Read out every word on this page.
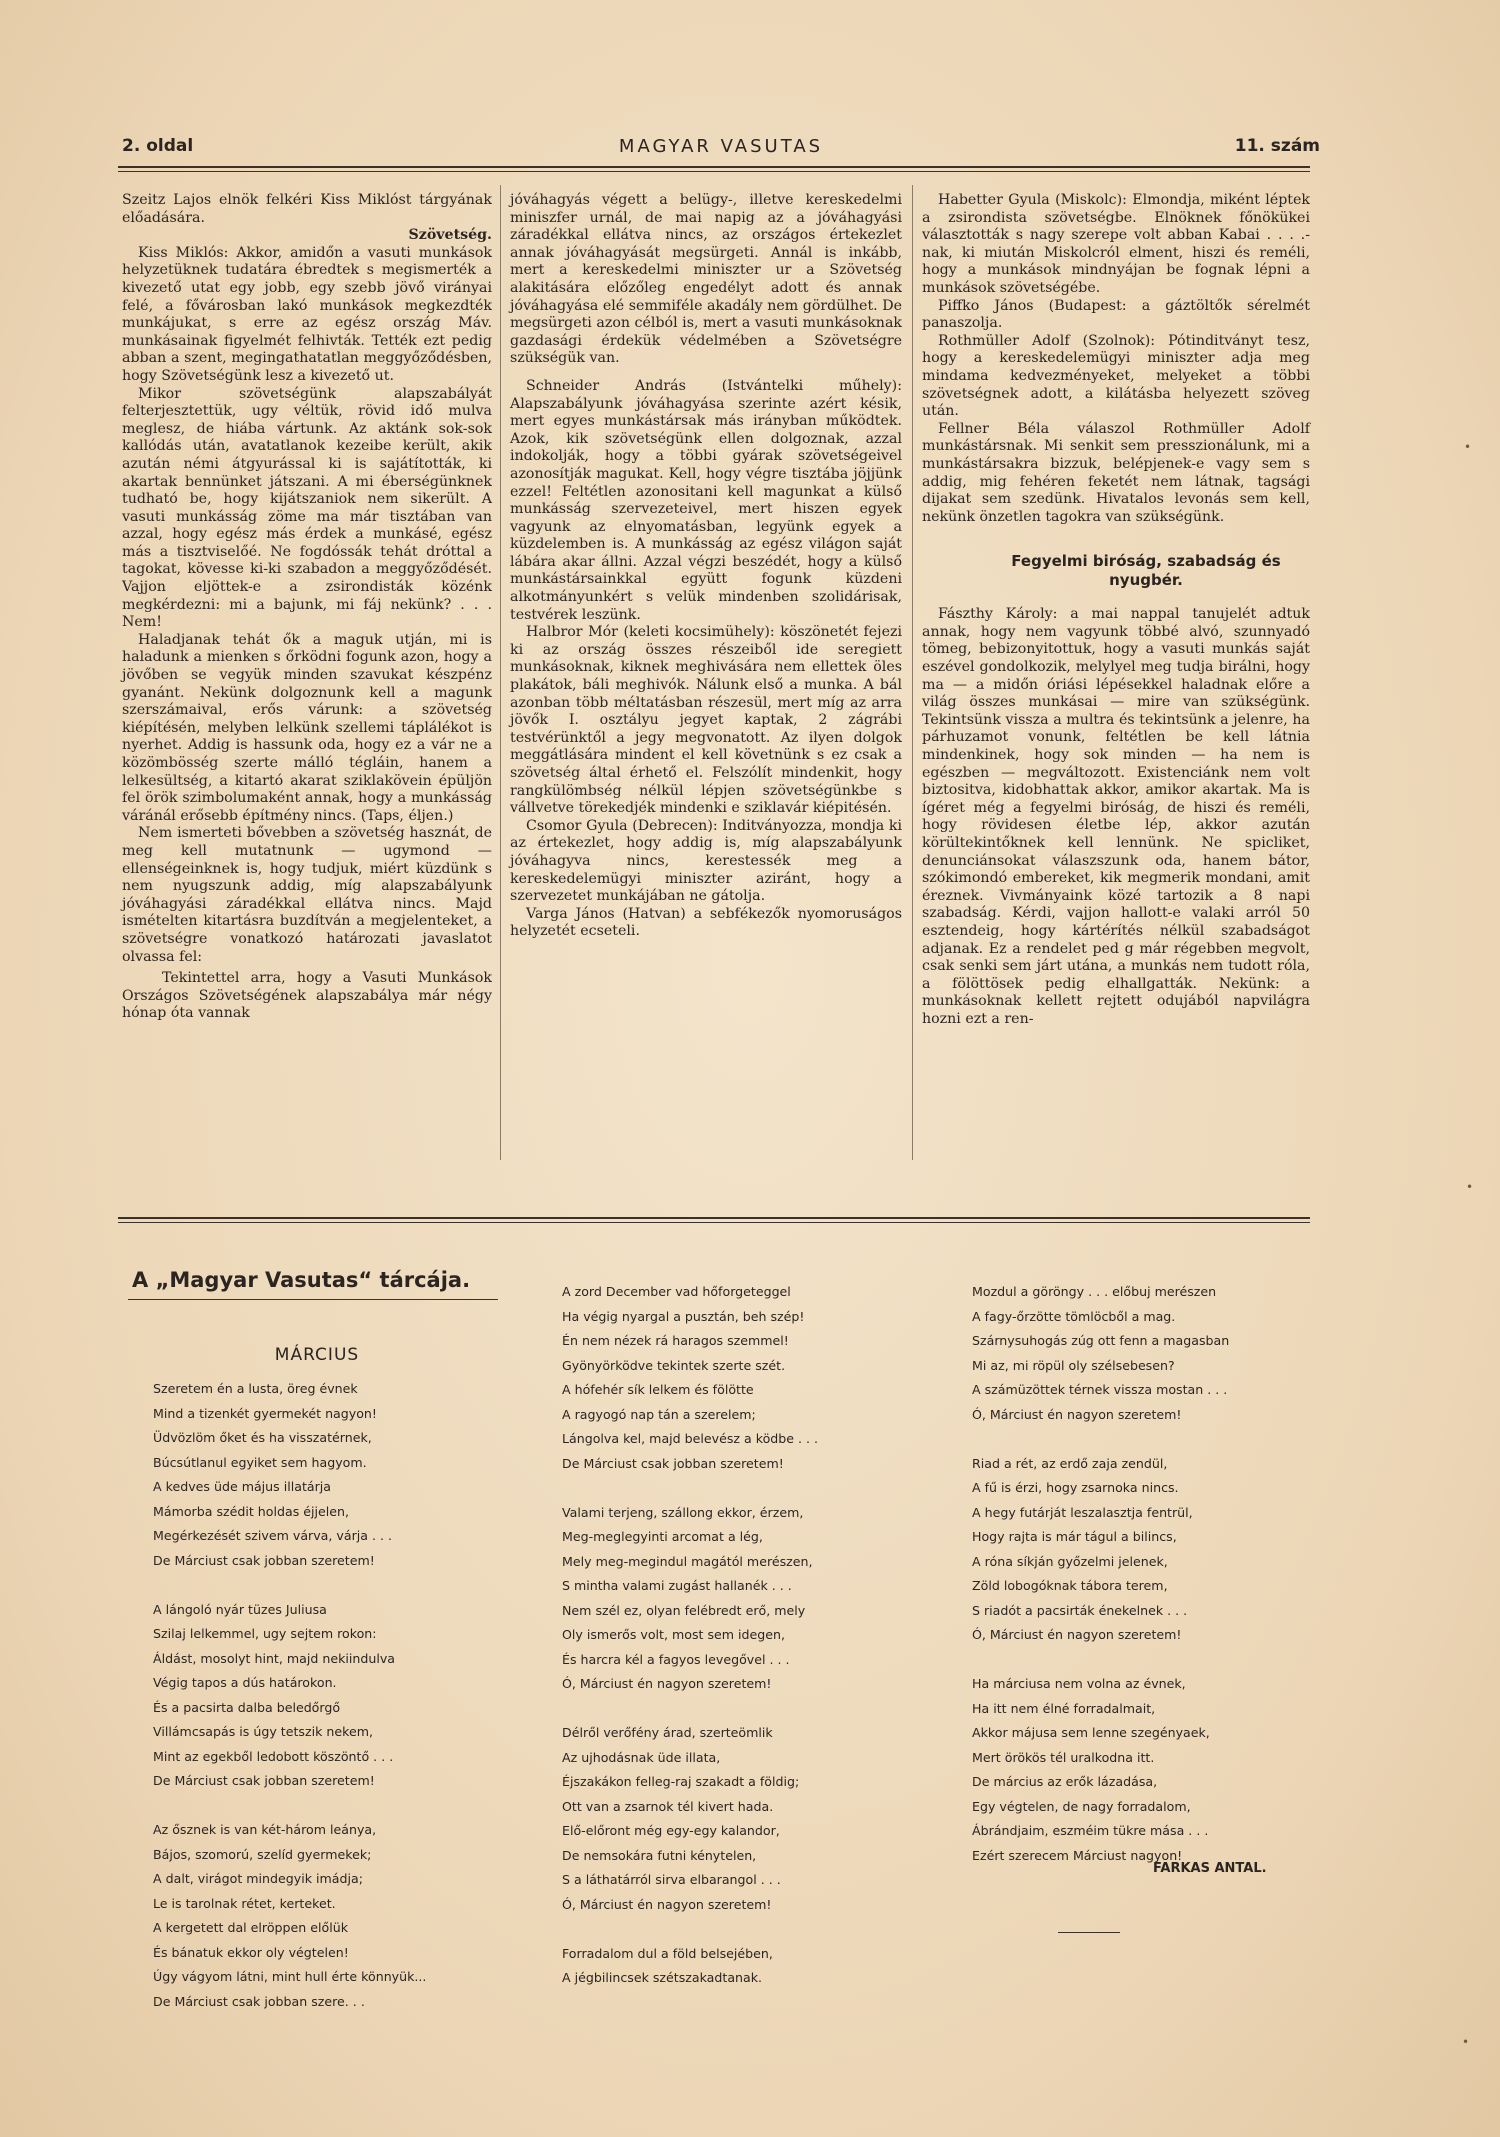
2. oldal	MAGYAR VASUTAS	11. szám

Szeitz Lajos elnök felkéri Kiss Miklóst tárgyának előadására.

Szövetség.

Kiss Miklós: Akkor, amidőn a vasuti munkások helyzetüknek tudatára ébredtek s megismerték a kivezető utat egy jobb, egy szebb jövő virányai felé, a fővárosban lakó munkások megkezdték munkájukat, s erre az egész ország Máv. munkásainak figyelmét felhivták. Tették ezt pedig abban a szent, megingathatatlan meggyőződésben, hogy Szövetségünk lesz a kivezető ut.

Mikor szövetségünk alapszabályát felterjesztettük, ugy véltük, rövid idő mulva meglesz, de hiába vártunk. Az aktánk sok-sok kallódás után, avatatlanok kezeibe került, akik azután némi átgyurással ki is sajátították, ki akartak bennünket játszani. A mi éberségünknek tudható be, hogy kijátszaniok nem sikerült. A vasuti munkásság zöme ma már tisztában van azzal, hogy egész más érdek a munkásé, egész más a tisztviselőé. Ne fogdóssák tehát dróttal a tagokat, kövesse ki-ki szabadon a meggyőződését. Vajjon eljöttek-e a zsirondisták közénk megkérdezni: mi a bajunk, mi fáj nekünk? . . . Nem!

Haladjanak tehát ők a maguk utján, mi is haladunk a mienken s őrködni fogunk azon, hogy a jövőben se vegyük minden szavukat készpénz gyanánt. Nekünk dolgoznunk kell a magunk szerszámaival, erős várunk: a szövetség kiépítésén, melyben lelkünk szellemi táplálékot is nyerhet. Addig is hassunk oda, hogy ez a vár ne a közömbösség szerte málló tégláin, hanem a lelkesültség, a kitartó akarat sziklakövein épüljön fel örök szimbolumaként annak, hogy a munkásság váránál erősebb építmény nincs. (Taps, éljen.)

Nem ismerteti bővebben a szövetség hasznát, de meg kell mutatnunk — ugymond — ellenségeinknek is, hogy tudjuk, miért küzdünk s nem nyugszunk addig, míg alapszabályunk jóváhagyási záradékkal ellátva nincs. Majd ismételten kitartásra buzdítván a megjelenteket, a szövetségre vonatkozó határozati javaslatot olvassa fel:

Tekintettel arra, hogy a Vasuti Munkások Országos Szövetségének alapszabálya már négy hónap óta vannak

jóváhagyás végett a belügy-, illetve kereskedelmi miniszfer urnál, de mai napig az a jóváhagyási záradékkal ellátva nincs, az országos értekezlet annak jóváhagyását megsürgeti. Annál is inkább, mert a kereskedelmi miniszter ur a Szövetség alakitására előzőleg engedélyt adott és annak jóváhagyása elé semmiféle akadály nem gördülhet. De megsürgeti azon célból is, mert a vasuti munkásoknak gazdasági érdekük védelmében a Szövetségre szükségük van.

Schneider András (Istvántelki műhely): Alapszabályunk jóváhagyása szerinte azért késik, mert egyes munkástársak más irányban működtek. Azok, kik szövetségünk ellen dolgoznak, azzal indokolják, hogy a többi gyárak szövetségeivel azonosítják magukat. Kell, hogy végre tisztába jöjjünk ezzel! Feltétlen azonositani kell magunkat a külső munkásság szervezeteivel, mert hiszen egyek vagyunk az elnyomatásban, legyünk egyek a küzdelemben is. A munkásság az egész világon saját lábára akar állni. Azzal végzi beszédét, hogy a külső munkástársainkkal együtt fogunk küzdeni alkotmányunkért s velük mindenben szolidárisak, testvérek leszünk.

Halbror Mór (keleti kocsimühely): köszönetét fejezi ki az ország összes részeiből ide seregiett munkásoknak, kiknek meghivására nem ellettek öles plakátok, báli meghivók. Nálunk első a munka. A bál azonban több méltatásban részesül, mert míg az arra jövők I. osztályu jegyet kaptak, 2 zágrábi testvérünktől a jegy megvonatott. Az ilyen dolgok meggátlására mindent el kell követnünk s ez csak a szövetség által érhető el. Felszólít mindenkit, hogy rangkülömbség nélkül lépjen szövetségünkbe s vállvetve törekedjék mindenki e sziklavár kiépitésén.

Csomor Gyula (Debrecen): Inditványozza, mondja ki az értekezlet, hogy addig is, míg alapszabályunk jóváhagyva nincs, kerestessék meg a kereskedelemügyi miniszter aziránt, hogy a szervezetet munkájában ne gátolja.

Varga János (Hatvan) a sebfékezők nyomoruságos helyzetét ecseteli.

Habetter Gyula (Miskolc): Elmondja, miként léptek a zsirondista szövetségbe. Elnöknek főnökükei választották s nagy szerepe volt abban Kabai . . . .-nak, ki miután Miskolcról elment, hiszi és reméli, hogy a munkások mindnyájan be fognak lépni a munkások szövetségébe.

Piffko János (Budapest: a gáztöltők sérelmét panaszolja.

Rothmüller Adolf (Szolnok): Pótinditványt tesz, hogy a kereskedelemügyi miniszter adja meg mindama kedvezményeket, melyeket a többi szövetségnek adott, a kilátásba helyezett szöveg után.

Fellner Béla válaszol Rothmüller Adolf munkástársnak. Mi senkit sem presszionálunk, mi a munkástársakra bizzuk, belépjenek-e vagy sem s addig, mig fehéren feketét nem látnak, tagsági dijakat sem szedünk. Hivatalos levonás sem kell, nekünk önzetlen tagokra van szükségünk.

Fegyelmi biróság, szabadság és nyugbér.

Fászthy Károly: a mai nappal tanujelét adtuk annak, hogy nem vagyunk többé alvó, szunnyadó tömeg, bebizonyitottuk, hogy a vasuti munkás saját eszével gondolkozik, melylyel meg tudja birálni, hogy ma — a midőn óriási lépésekkel haladnak előre a világ összes munkásai — mire van szükségünk. Tekintsünk vissza a multra és tekintsünk a jelenre, ha párhuzamot vonunk, feltétlen be kell látnia mindenkinek, hogy sok minden — ha nem is egészben — megváltozott. Existenciánk nem volt biztositva, kidobhattak akkor, amikor akartak. Ma is ígéret még a fegyelmi biróság, de hiszi és reméli, hogy rövidesen életbe lép, akkor azután körültekintőknek kell lennünk. Ne spicliket, denunciánsokat válaszszunk oda, hanem bátor, szókimondó embereket, kik megmerik mondani, amit éreznek. Vivmányaink közé tartozik a 8 napi szabadság. Kérdi, vajjon hallott-e valaki arról 50 esztendeig, hogy kártérítés nélkül szabadságot adjanak. Ez a rendelet ped g már régebben megvolt, csak senki sem járt utána, a munkás nem tudott róla, a fölöttösek pedig elhallgatták. Nekünk: a munkásoknak kellett rejtett odujából napvilágra hozni ezt a ren-

A „Magyar Vasutas“ tárcája.
MÁRCIUS
Szeretem én a lusta, öreg évnek
Mind a tizenkét gyermekét nagyon!
Üdvözlöm őket és ha visszatérnek,
Búcsútlanul egyiket sem hagyom.
A kedves üde május illatárja
Mámorba szédit holdas éjjelen,
Megérkezését szivem várva, várja . . .
De Márciust csak jobban szeretem!
A lángoló nyár tüzes Juliusa
Szilaj lelkemmel, ugy sejtem rokon:
Áldást, mosolyt hint, majd nekiindulva
Végig tapos a dús határokon.
És a pacsirta dalba beledőrgő
Villámcsapás is úgy tetszik nekem,
Mint az egekből ledobott köszöntő . . .
De Márciust csak jobban szeretem!
Az ősznek is van két-három leánya,
Bájos, szomorú, szelíd gyermekek;
A dalt, virágot mindegyik imádja;
Le is tarolnak rétet, kerteket.
A kergetett dal elröppen előlük
És bánatuk ekkor oly végtelen!
Úgy vágyom látni, mint hull érte könnyük...
De Márciust csak jobban szere. . .
A zord December vad hőforgeteggel
Ha végig nyargal a pusztán, beh szép!
Én nem nézek rá haragos szemmel!
Gyönyörködve tekintek szerte szét.
A hófehér sík lelkem és fölötte
A ragyogó nap tán a szerelem;
Lángolva kel, majd belevész a ködbe . . .
De Márciust csak jobban szeretem!
Valami terjeng, szállong ekkor, érzem,
Meg-meglegyinti arcomat a lég,
Mely meg-megindul magától merészen,
S mintha valami zugást hallanék . . .
Nem szél ez, olyan felébredt erő, mely
Oly ismerős volt, most sem idegen,
És harcra kél a fagyos levegővel . . .
Ó, Márciust én nagyon szeretem!
Délről verőfény árad, szerteömlik
Az ujhodásnak üde illata,
Éjszakákon felleg-raj szakadt a földig;
Ott van a zsarnok tél kivert hada.
Elő-előront még egy-egy kalandor,
De nemsokára futni kénytelen,
S a láthatárról sirva elbarangol . . .
Ó, Márciust én nagyon szeretem!
Forradalom dul a föld belsejében,
A jégbilincsek szétszakadtanak.
Mozdul a göröngy . . . előbuj merészen
A fagy-őrzötte tömlöcből a mag.
Szárnysuhogás zúg ott fenn a magasban
Mi az, mi röpül oly szélsebesen?
A számüzöttek térnek vissza mostan . . .
Ó, Márciust én nagyon szeretem!
Riad a rét, az erdő zaja zendül,
A fű is érzi, hogy zsarnoka nincs.
A hegy futárját leszalasztja fentrül,
Hogy rajta is már tágul a bilincs,
A róna síkján győzelmi jelenek,
Zöld lobogóknak tábora terem,
S riadót a pacsirták énekelnek . . .
Ó, Márciust én nagyon szeretem!
Ha márciusa nem volna az évnek,
Ha itt nem élné forradalmait,
Akkor májusa sem lenne szegényaek,
Mert örökös tél uralkodna itt.
De március az erők lázadása,
Egy végtelen, de nagy forradalom,
Ábrándjaim, eszméim tükre mása . . .
Ezért szerecem Márciust nagyon!
FARKAS ANTAL.
•
•
•
